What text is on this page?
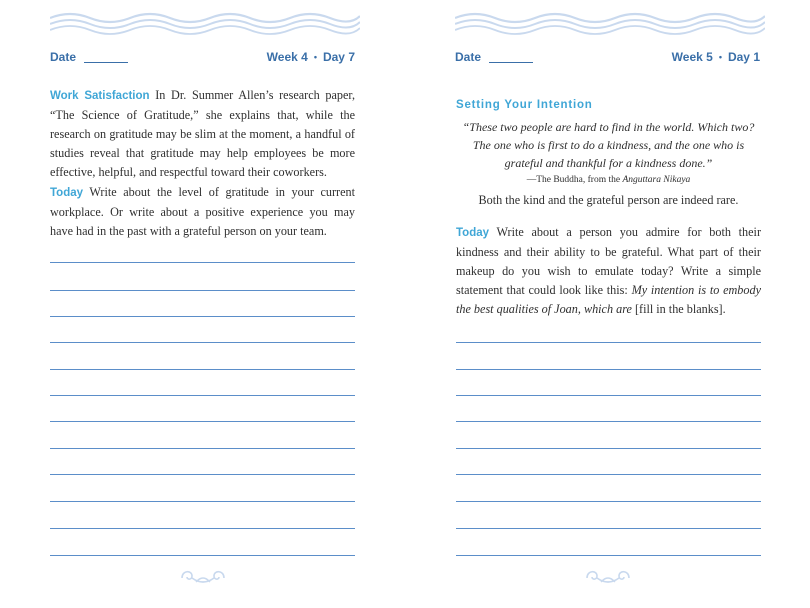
Date	Week 4 • Day 7

Work Satisfaction In Dr. Summer Allen’s research paper, “The Science of Gratitude,” she explains that, while the research on gratitude may be slim at the moment, a handful of studies reveal that gratitude may help employees be more effective, helpful, and respectful toward their coworkers.

Today Write about the level of gratitude in your current workplace. Or write about a positive experience you may have had in the past with a grateful person on your team.

Date	Week 5 • Day 1
Setting Your Intention
“These two people are hard to find in the world. Which two? The one who is first to do a kindness, and the one who is grateful and thankful for a kindness done.”
—The Buddha, from the Anguttara Nikaya
Both the kind and the grateful person are indeed rare.

Today Write about a person you admire for both their kindness and their ability to be grateful. What part of their makeup do you wish to emulate today? Write a simple statement that could look like this: My intention is to embody the best qualities of Joan, which are [fill in the blanks].
